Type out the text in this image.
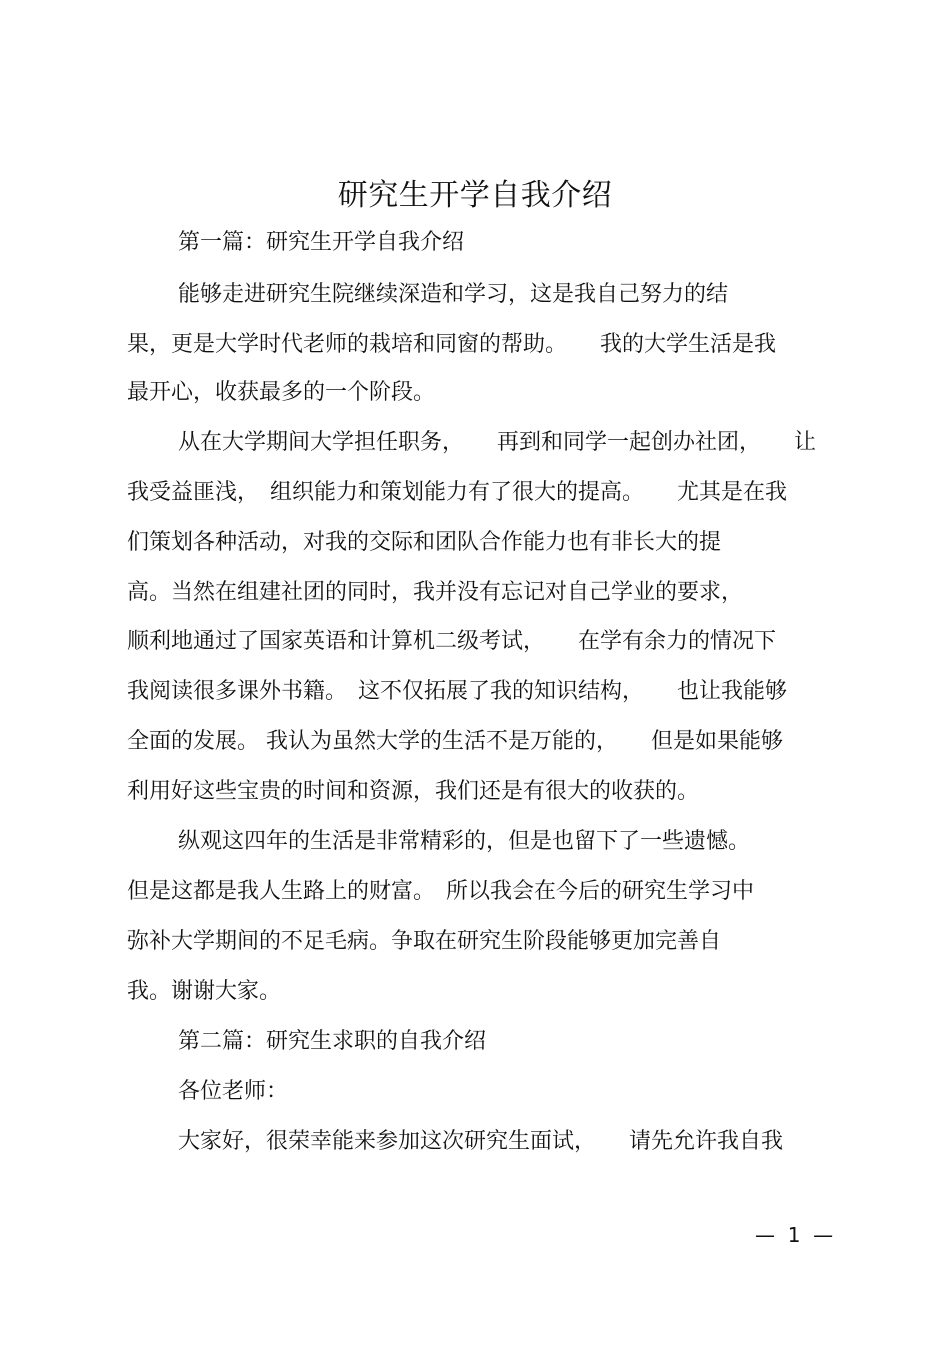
研究生开学自我介绍
第一篇：研究生开学自我介绍
能够走进研究生院继续深造和学习，这是我自己努力的结
果，更是大学时代老师的栽培和同窗的帮助。　　我的大学生活是我
最开心，收获最多的一个阶段。
从在大学期间大学担任职务，　　再到和同学一起创办社团，　　让
我受益匪浅，　组织能力和策划能力有了很大的提高。　　尤其是在我
们策划各种活动，对我的交际和团队合作能力也有非长大的提
高。当然在组建社团的同时，我并没有忘记对自己学业的要求，
顺利地通过了国家英语和计算机二级考试，　　在学有余力的情况下
我阅读很多课外书籍。　这不仅拓展了我的知识结构，　　也让我能够
全面的发展。 我认为虽然大学的生活不是万能的，　　但是如果能够
利用好这些宝贵的时间和资源，我们还是有很大的收获的。
纵观这四年的生活是非常精彩的，但是也留下了一些遗憾。
但是这都是我人生路上的财富。　所以我会在今后的研究生学习中
弥补大学期间的不足毛病。争取在研究生阶段能够更加完善自
我。谢谢大家。
第二篇：研究生求职的自我介绍
各位老师：
大家好，很荣幸能来参加这次研究生面试，　　请先允许我自我
—  1  —
